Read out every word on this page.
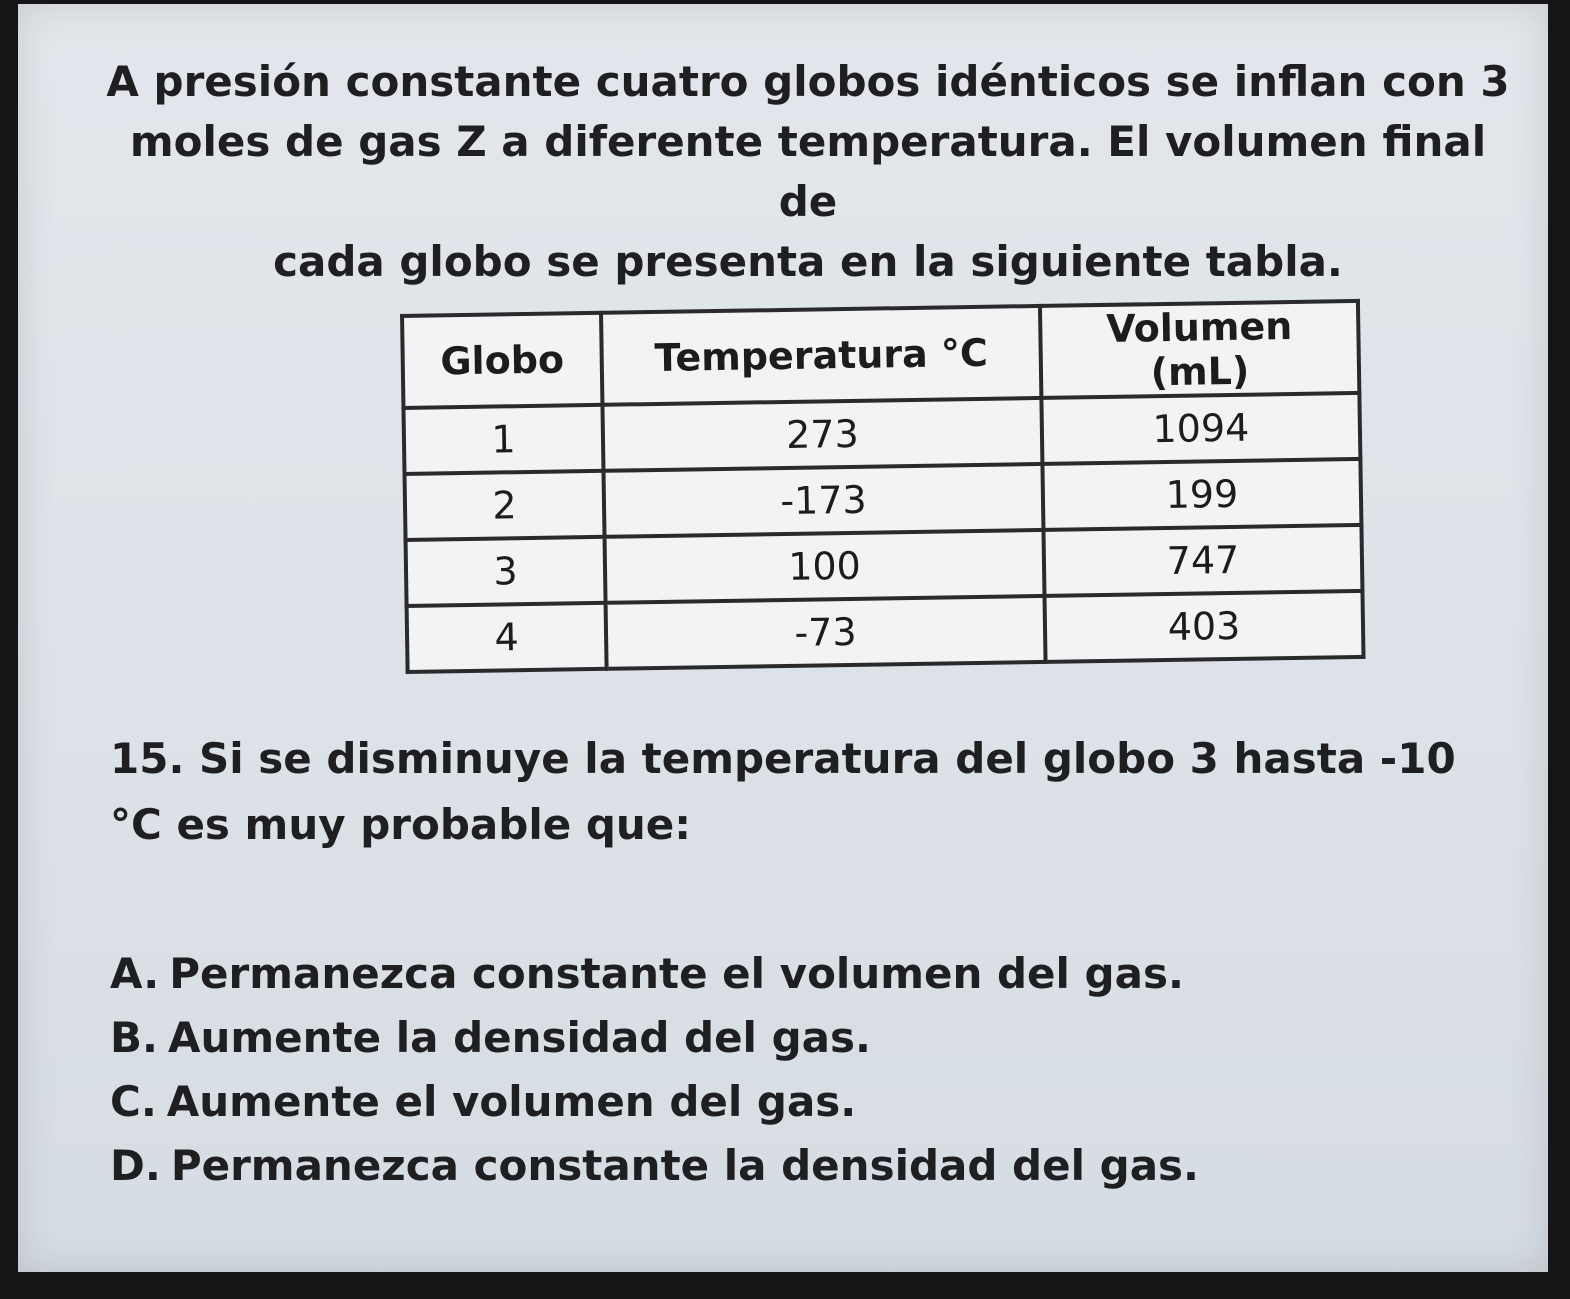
A presión constante cuatro globos idénticos se inflan con 3
moles de gas Z a diferente temperatura. El volumen final de
cada globo se presenta en la siguiente tabla.

Globo	Temperatura °C	Volumen (mL)
1	273	1094
2	-173	199
3	100	747
4	-73	403

15. Si se disminuye la temperatura del globo 3 hasta -10
°C es muy probable que:

A. Permanezca constante el volumen del gas.
B. Aumente la densidad del gas.
C. Aumente el volumen del gas.
D. Permanezca constante la densidad del gas.
